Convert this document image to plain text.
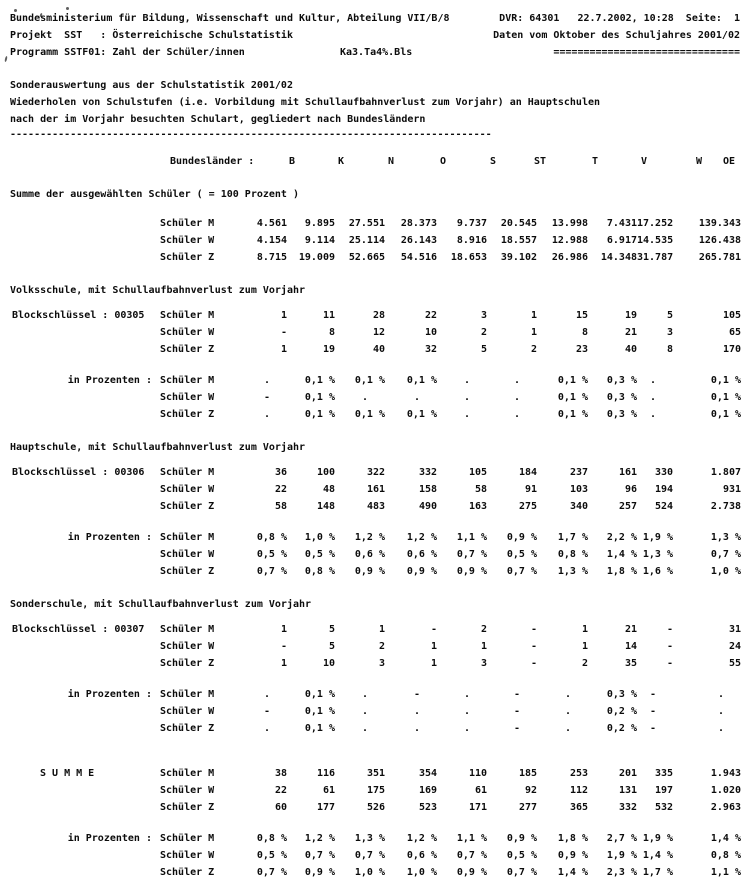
Bundesministerium für Bildung, Wissenschaft und Kultur, Abteilung VII/B/8	DVR: 64301   22.7.2002, 10:28  Seite:  1
Projekt  SST   : Österreichische Schulstatistik	Daten vom Oktober des Schuljahres 2001/02
Programm SSTF01: Zahl der Schüler/innen	Ka3.Ta4%.Bls	===============================
Sonderauswertung aus der Schulstatistik 2001/02
Wiederholen von Schulstufen (i.e. Vorbildung mit Schullaufbahnverlust zum Vorjahr) an Hauptschulen
nach der im Vorjahr besuchten Schulart, gegliedert nach Bundesländern
--------------------------------------------------------------------------------
Bundesländer :	B	K	N	O	S	ST	T	V	W	OE
Summe der ausgewählten Schüler ( = 100 Prozent )
Schüler M	4.561	9.895	27.551	28.373	9.737	20.545	13.998	7.431 17.252	139.343
Schüler W	4.154	9.114	25.114	26.143	8.916	18.557	12.988	6.917 14.535	126.438
Schüler Z	8.715	19.009	52.665	54.516	18.653	39.102	26.986	14.348 31.787	265.781
Volksschule, mit Schullaufbahnverlust zum Vorjahr
Blockschlüssel : 00305	Schüler M	1	11	28	22	3	1	15	19	5	105
Schüler W	-	8	12	10	2	1	8	21	3	65
Schüler Z	1	19	40	32	5	2	23	40	8	170
in Prozenten : Schüler M	.	0,1 %	0,1 %	0,1 %	.	.	0,1 %	0,3 %	.	0,1 %
Schüler W	-	0,1 %	.	.	.	.	0,1 %	0,3 %	.	0,1 %
Schüler Z	.	0,1 %	0,1 %	0,1 %	.	.	0,1 %	0,3 %	.	0,1 %
Hauptschule, mit Schullaufbahnverlust zum Vorjahr
Blockschlüssel : 00306	Schüler M	36	100	322	332	105	184	237	161	330	1.807
Schüler W	22	48	161	158	58	91	103	96	194	931
Schüler Z	58	148	483	490	163	275	340	257	524	2.738
in Prozenten : Schüler M	0,8 %	1,0 %	1,2 %	1,2 %	1,1 %	0,9 %	1,7 %	2,2 % 1,9 %	1,3 %
Schüler W	0,5 %	0,5 %	0,6 %	0,6 %	0,7 %	0,5 %	0,8 %	1,4 % 1,3 %	0,7 %
Schüler Z	0,7 %	0,8 %	0,9 %	0,9 %	0,9 %	0,7 %	1,3 %	1,8 % 1,6 %	1,0 %
Sonderschule, mit Schullaufbahnverlust zum Vorjahr
Blockschlüssel : 00307	Schüler M	1	5	1	-	2	-	1	21	-	31
Schüler W	-	5	2	1	1	-	1	14	-	24
Schüler Z	1	10	3	1	3	-	2	35	-	55
in Prozenten : Schüler M	.	0,1 %	.	-	.	-	.	0,3 %	-	.
Schüler W	-	0,1 %	.	.	.	-	.	0,2 %	-	.
Schüler Z	.	0,1 %	.	.	.	-	.	0,2 %	-	.
S U M M E	Schüler M	38	116	351	354	110	185	253	201	335	1.943
Schüler W	22	61	175	169	61	92	112	131	197	1.020
Schüler Z	60	177	526	523	171	277	365	332	532	2.963
in Prozenten : Schüler M	0,8 %	1,2 %	1,3 %	1,2 %	1,1 %	0,9 %	1,8 %	2,7 % 1,9 %	1,4 %
Schüler W	0,5 %	0,7 %	0,7 %	0,6 %	0,7 %	0,5 %	0,9 %	1,9 % 1,4 %	0,8 %
Schüler Z	0,7 %	0,9 %	1,0 %	1,0 %	0,9 %	0,7 %	1,4 %	2,3 % 1,7 %	1,1 %
